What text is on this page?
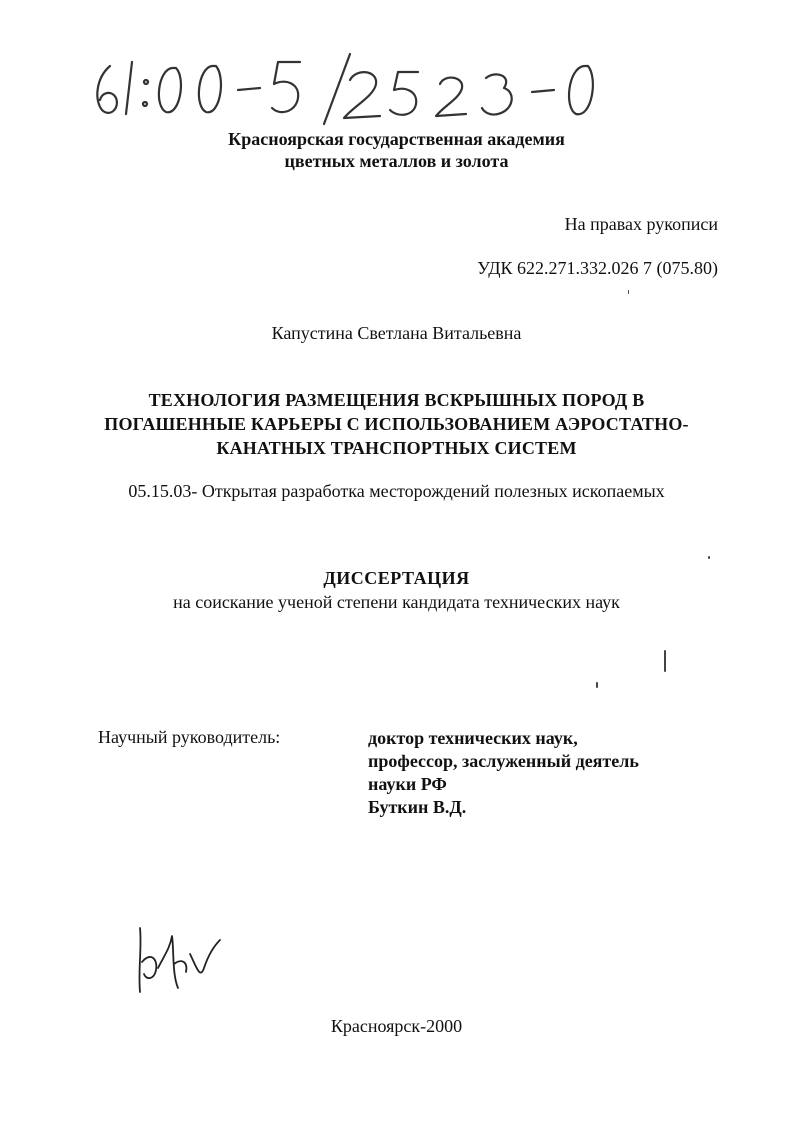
Красноярская государственная академия
цветных металлов и золота
На правах рукописи
УДК 622.271.332.026 7 (075.80)
Капустина Светлана Витальевна
ТЕХНОЛОГИЯ РАЗМЕЩЕНИЯ ВСКРЫШНЫХ ПОРОД В
ПОГАШЕННЫЕ КАРЬЕРЫ С ИСПОЛЬЗОВАНИЕМ АЭРОСТАТНО-
КАНАТНЫХ ТРАНСПОРТНЫХ СИСТЕМ
05.15.03- Открытая разработка месторождений полезных ископаемых
ДИССЕРТАЦИЯ
на соискание ученой степени кандидата технических наук
Научный руководитель:	доктор технических наук,
профессор, заслуженный деятель
науки РФ
Буткин В.Д.
Красноярск-2000
